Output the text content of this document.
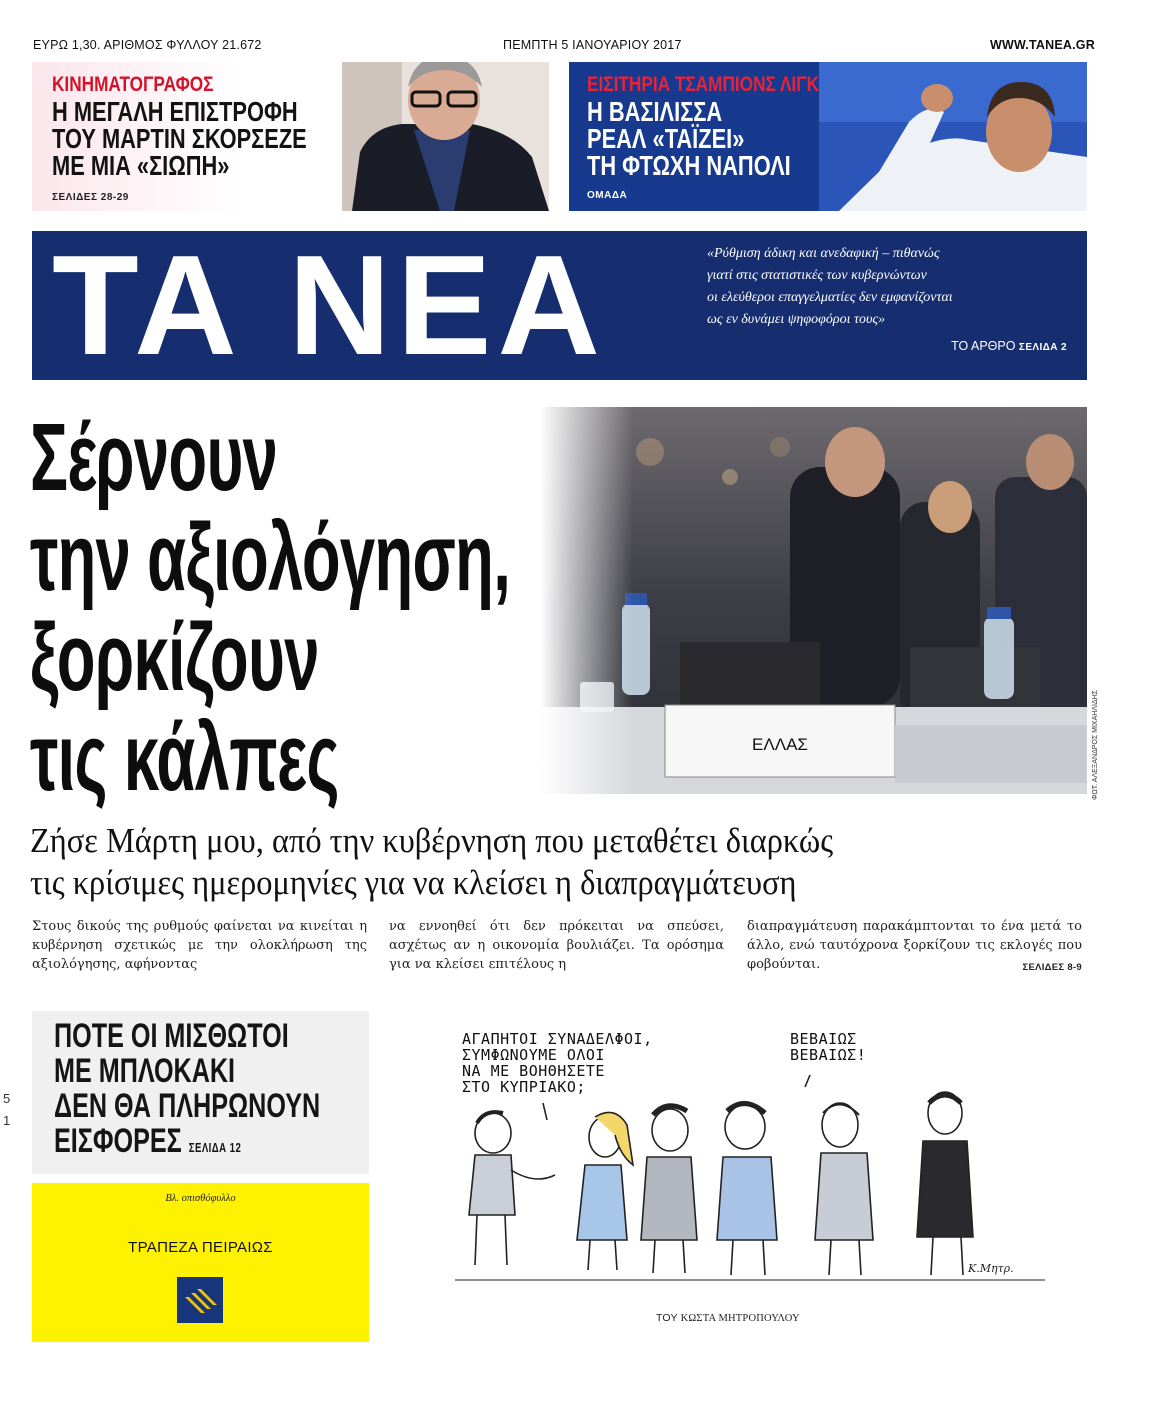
ΕΥΡΩ 1,30. ΑΡΙΘΜΟΣ ΦΥΛΛΟΥ 21.672	ΠΕΜΠΤΗ 5 ΙΑΝΟΥΑΡΙΟΥ 2017	WWW.TANEA.GR
ΚΙΝΗΜΑΤΟΓΡΑΦΟΣ
Η ΜΕΓΑΛΗ ΕΠΙΣΤΡΟΦΗ
ΤΟΥ ΜΑΡΤΙΝ ΣΚΟΡΣΕΖΕ
ΜΕ ΜΙΑ «ΣΙΩΠΗ»
ΣΕΛΙΔΕΣ 28-29
ΕΙΣΙΤΗΡΙΑ ΤΣΑΜΠΙΟΝΣ ΛΙΓΚ
Η ΒΑΣΙΛΙΣΣΑ
ΡΕΑΛ «ΤΑΪΖΕΙ»
ΤΗ ΦΤΩΧΗ ΝΑΠΟΛΙ
ΟΜΑΔΑ
ΤΑ ΝΕΑ	«Ρύθμιση άδικη και ανεδαφική – πιθανώς
γιατί στις στατιστικές των κυβερνώντων
οι ελεύθεροι επαγγελματίες δεν εμφανίζονται
ως εν δυνάμει ψηφοφόροι τους»
ΤΟ ΑΡΘΡΟ ΣΕΛΙΔΑ 2
ΕΛΛΑΣ	ΦΩΤ. ΑΛΕΞΑΝΔΡΟΣ ΜΙΧΑΗΛΙΔΗΣ
Σέρνουν
την αξιολόγηση,
ξορκίζουν
τις κάλπες
Ζήσε Μάρτη μου, από την κυβέρνηση που μεταθέτει διαρκώς
τις κρίσιμες ημερομηνίες για να κλείσει η διαπραγμάτευση
Στους δικούς της ρυθμούς φαίνεται να κινείται η κυβέρνηση σχετικώς με την ολοκλήρωση της αξιολόγησης, αφήνοντας
να εννοηθεί ότι δεν πρόκειται να σπεύσει, ασχέτως αν η οικονομία βουλιάζει. Τα ορόσημα για να κλείσει επιτέλους η
διαπραγμάτευση παρακάμπτονται το ένα μετά το άλλο, ενώ ταυτόχρονα ξορκίζουν τις εκλογές που φοβούνται.	ΣΕΛΙΔΕΣ 8-9
ΠΟΤΕ ΟΙ ΜΙΣΘΩΤΟΙ
ΜΕ ΜΠΛΟΚΑΚΙ
ΔΕΝ ΘΑ ΠΛΗΡΩΝΟΥΝ
ΕΙΣΦΟΡΕΣ ΣΕΛΙΔΑ 12
Βλ. οπισθόφυλλο
ΤΡΑΠΕΖΑ ΠΕΙΡΑΙΩΣ
ΑΓΑΠΗΤΟΙ ΣΥΝΑΔΕΛΦΟΙ,
ΣΥΜΦΩΝΟΥΜΕ ΟΛΟΙ
ΝΑ ΜΕ ΒΟΗΘΗΣΕΤΕ
ΣΤΟ ΚΥΠΡΙΑΚΟ;
ΒΕΒΑΙΩΣ
ΒΕΒΑΙΩΣ!
Κ.Μητρ.
ΤΟΥ ΚΩΣΤΑ ΜΗΤΡΟΠΟΥΛΟΥ
5
1
